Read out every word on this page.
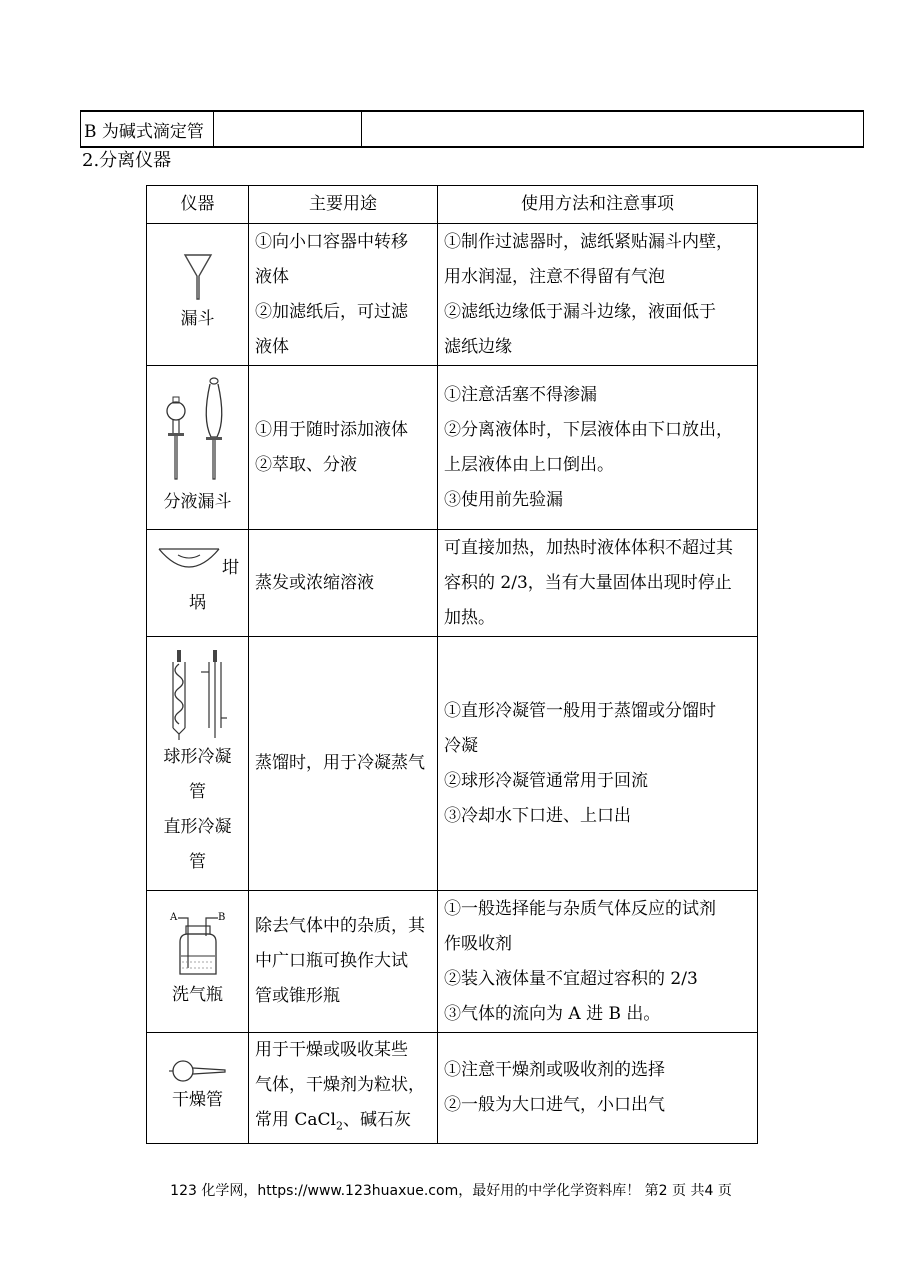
B 为碱式滴定管		
2.分离仪器
仪器	主要用途	使用方法和注意事项

漏斗	①向小口容器中转移
液体
②加滤纸后，可过滤
液体	①制作过滤器时，滤纸紧贴漏斗内壁，
用水润湿，注意不得留有气泡
②滤纸边缘低于漏斗边缘，液面低于
滤纸边缘

分液漏斗	①用于随时添加液体
②萃取、分液	①注意活塞不得渗漏
②分离液体时，下层液体由下口放出，
上层液体由上口倒出。
③使用前先验漏

坩
埚	蒸发或浓缩溶液	可直接加热，加热时液体体积不超过其
容积的 2/3，当有大量固体出现时停止
加热。

球形冷凝
管
直形冷凝
管	蒸馏时，用于冷凝蒸气	①直形冷凝管一般用于蒸馏或分馏时
冷凝
②球形冷凝管通常用于回流
③冷却水下口进、上口出

A B
洗气瓶	除去气体中的杂质，其
中广口瓶可换作大试
管或锥形瓶	①一般选择能与杂质气体反应的试剂
作吸收剂
②装入液体量不宜超过容积的 2/3
③气体的流向为 A 进 B 出。

干燥管	用于干燥或吸收某些
气体，干燥剂为粒状，
常用 CaCl$_2$、碱石灰	①注意干燥剂或吸收剂的选择
②一般为大口进气，小口出气
123 化学网，https://www.123huaxue.com，最好用的中学化学资料库！ 第2 页 共4 页
